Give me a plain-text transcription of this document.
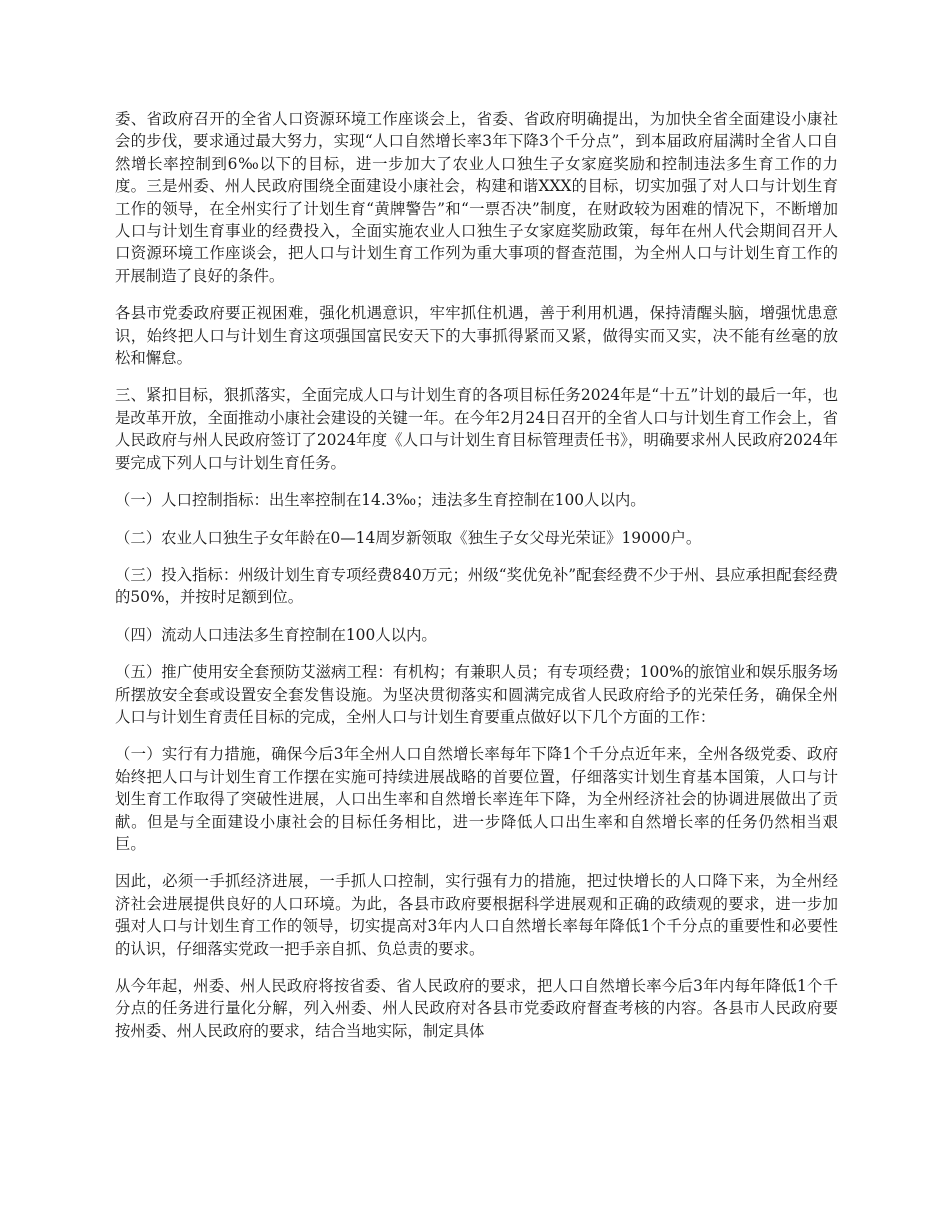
委、省政府召开的全省人口资源环境工作座谈会上，省委、省政府明确提出，为加快全省全面建设小康社会的步伐，要求通过最大努力，实现“人口自然增长率3年下降3个千分点”，到本届政府届满时全省人口自然增长率控制到6‰以下的目标，进一步加大了农业人口独生子女家庭奖励和控制违法多生育工作的力度。三是州委、州人民政府围绕全面建设小康社会，构建和谐XXX的目标，切实加强了对人口与计划生育工作的领导，在全州实行了计划生育“黄牌警告”和“一票否决”制度，在财政较为困难的情况下，不断增加人口与计划生育事业的经费投入，全面实施农业人口独生子女家庭奖励政策，每年在州人代会期间召开人口资源环境工作座谈会，把人口与计划生育工作列为重大事项的督查范围，为全州人口与计划生育工作的开展制造了良好的条件。

各县市党委政府要正视困难，强化机遇意识，牢牢抓住机遇，善于利用机遇，保持清醒头脑，增强忧患意识，始终把人口与计划生育这项强国富民安天下的大事抓得紧而又紧，做得实而又实，决不能有丝毫的放松和懈怠。

三、紧扣目标，狠抓落实，全面完成人口与计划生育的各项目标任务2024年是“十五”计划的最后一年，也是改革开放，全面推动小康社会建设的关键一年。在今年2月24日召开的全省人口与计划生育工作会上，省人民政府与州人民政府签订了2024年度《人口与计划生育目标管理责任书》，明确要求州人民政府2024年要完成下列人口与计划生育任务。

（一）人口控制指标：出生率控制在14.3‰；违法多生育控制在100人以内。

（二）农业人口独生子女年龄在0—14周岁新领取《独生子女父母光荣证》19000户。

（三）投入指标：州级计划生育专项经费840万元；州级“奖优免补”配套经费不少于州、县应承担配套经费的50%，并按时足额到位。

（四）流动人口违法多生育控制在100人以内。

（五）推广使用安全套预防艾滋病工程：有机构；有兼职人员；有专项经费；100%的旅馆业和娱乐服务场所摆放安全套或设置安全套发售设施。为坚决贯彻落实和圆满完成省人民政府给予的光荣任务，确保全州人口与计划生育责任目标的完成，全州人口与计划生育要重点做好以下几个方面的工作：

（一）实行有力措施，确保今后3年全州人口自然增长率每年下降1个千分点近年来，全州各级党委、政府始终把人口与计划生育工作摆在实施可持续进展战略的首要位置，仔细落实计划生育基本国策，人口与计划生育工作取得了突破性进展，人口出生率和自然增长率连年下降，为全州经济社会的协调进展做出了贡献。但是与全面建设小康社会的目标任务相比，进一步降低人口出生率和自然增长率的任务仍然相当艰巨。

因此，必须一手抓经济进展，一手抓人口控制，实行强有力的措施，把过快增长的人口降下来，为全州经济社会进展提供良好的人口环境。为此，各县市政府要根据科学进展观和正确的政绩观的要求，进一步加强对人口与计划生育工作的领导，切实提高对3年内人口自然增长率每年降低1个千分点的重要性和必要性的认识，仔细落实党政一把手亲自抓、负总责的要求。

从今年起，州委、州人民政府将按省委、省人民政府的要求，把人口自然增长率今后3年内每年降低1个千分点的任务进行量化分解，列入州委、州人民政府对各县市党委政府督查考核的内容。各县市人民政府要按州委、州人民政府的要求，结合当地实际，制定具体
